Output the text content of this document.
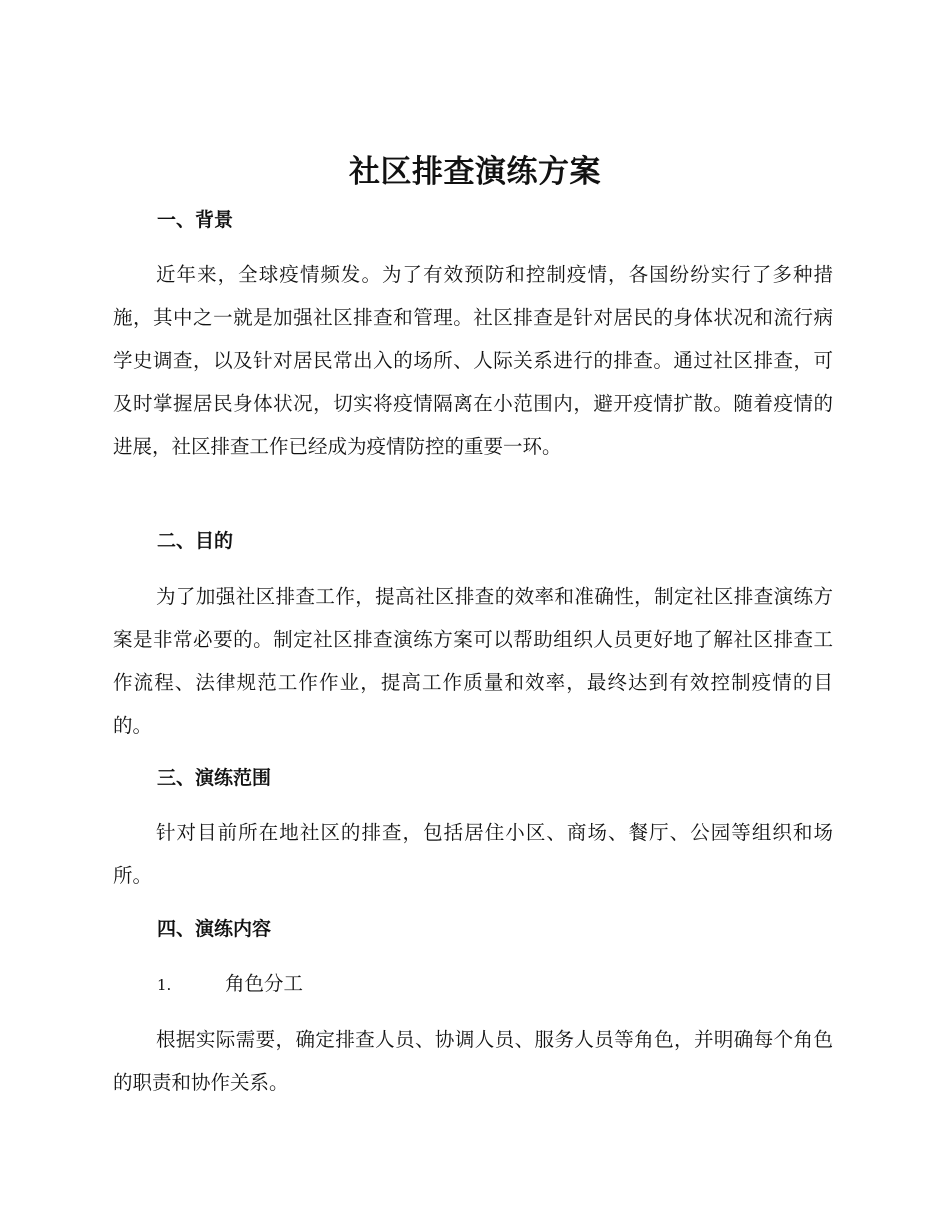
社区排查演练方案
一、背景
近年来，全球疫情频发。为了有效预防和控制疫情，各国纷纷实行了多种措施，其中之一就是加强社区排查和管理。社区排查是针对居民的身体状况和流行病学史调查，以及针对居民常出入的场所、人际关系进行的排查。通过社区排查，可及时掌握居民身体状况，切实将疫情隔离在小范围内，避开疫情扩散。随着疫情的进展，社区排查工作已经成为疫情防控的重要一环。
二、目的
为了加强社区排查工作，提高社区排查的效率和准确性，制定社区排查演练方案是非常必要的。制定社区排查演练方案可以帮助组织人员更好地了解社区排查工作流程、法律规范工作作业，提高工作质量和效率，最终达到有效控制疫情的目的。
三、演练范围
针对目前所在地社区的排查，包括居住小区、商场、餐厅、公园等组织和场所。
四、演练内容
1.	角色分工
根据实际需要，确定排查人员、协调人员、服务人员等角色，并明确每个角色的职责和协作关系。
